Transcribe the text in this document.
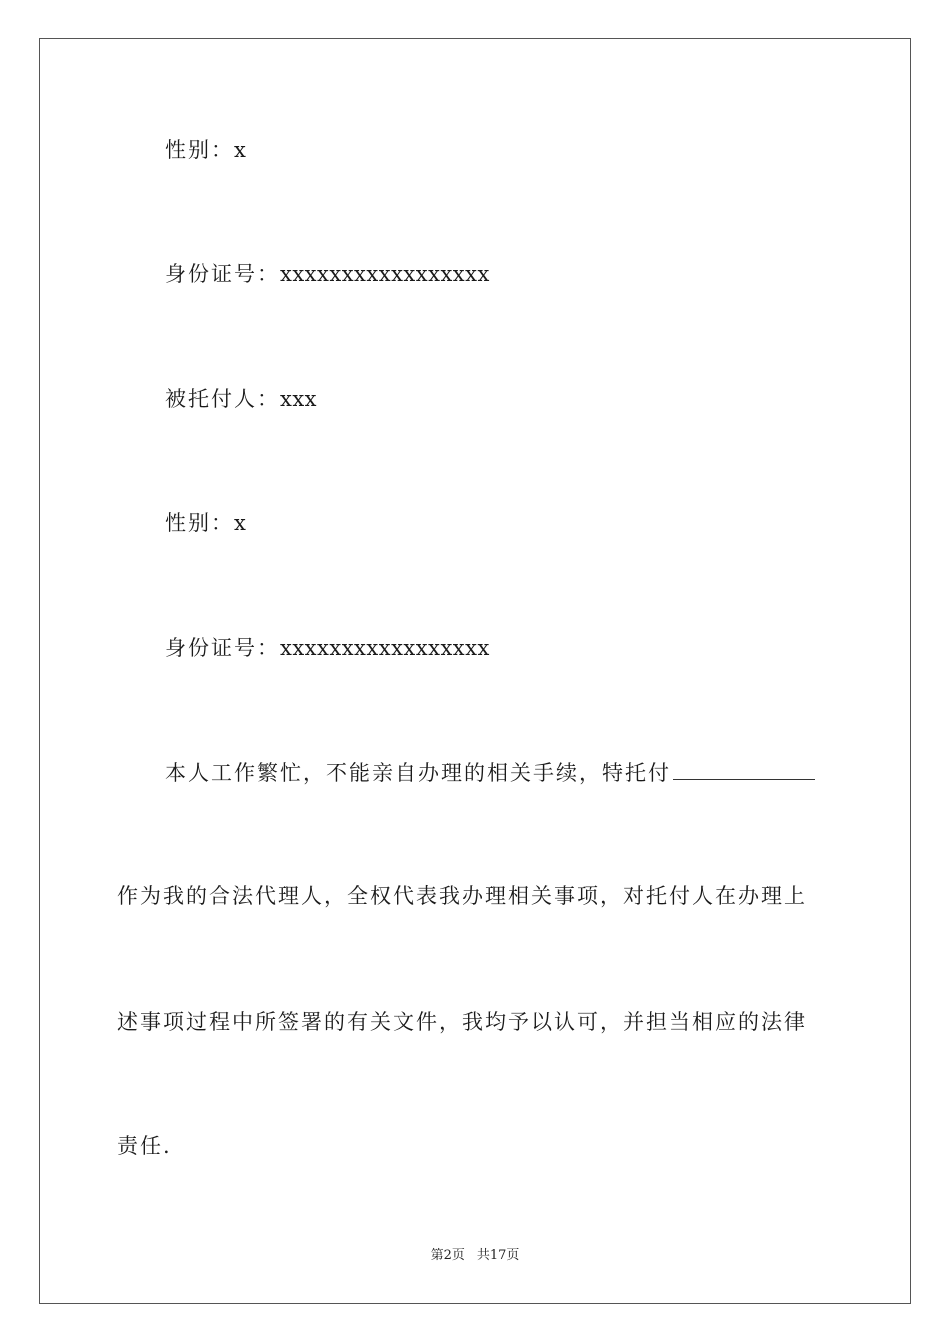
性别：x
身份证号：xxxxxxxxxxxxxxxxx
被托付人：xxx
性别：x
身份证号：xxxxxxxxxxxxxxxxx
本人工作繁忙，不能亲自办理的相关手续，特托付
作为我的合法代理人，全权代表我办理相关事项，对托付人在办理上
述事项过程中所签署的有关文件，我均予以认可，并担当相应的法律
责任.
第2页 共17页
